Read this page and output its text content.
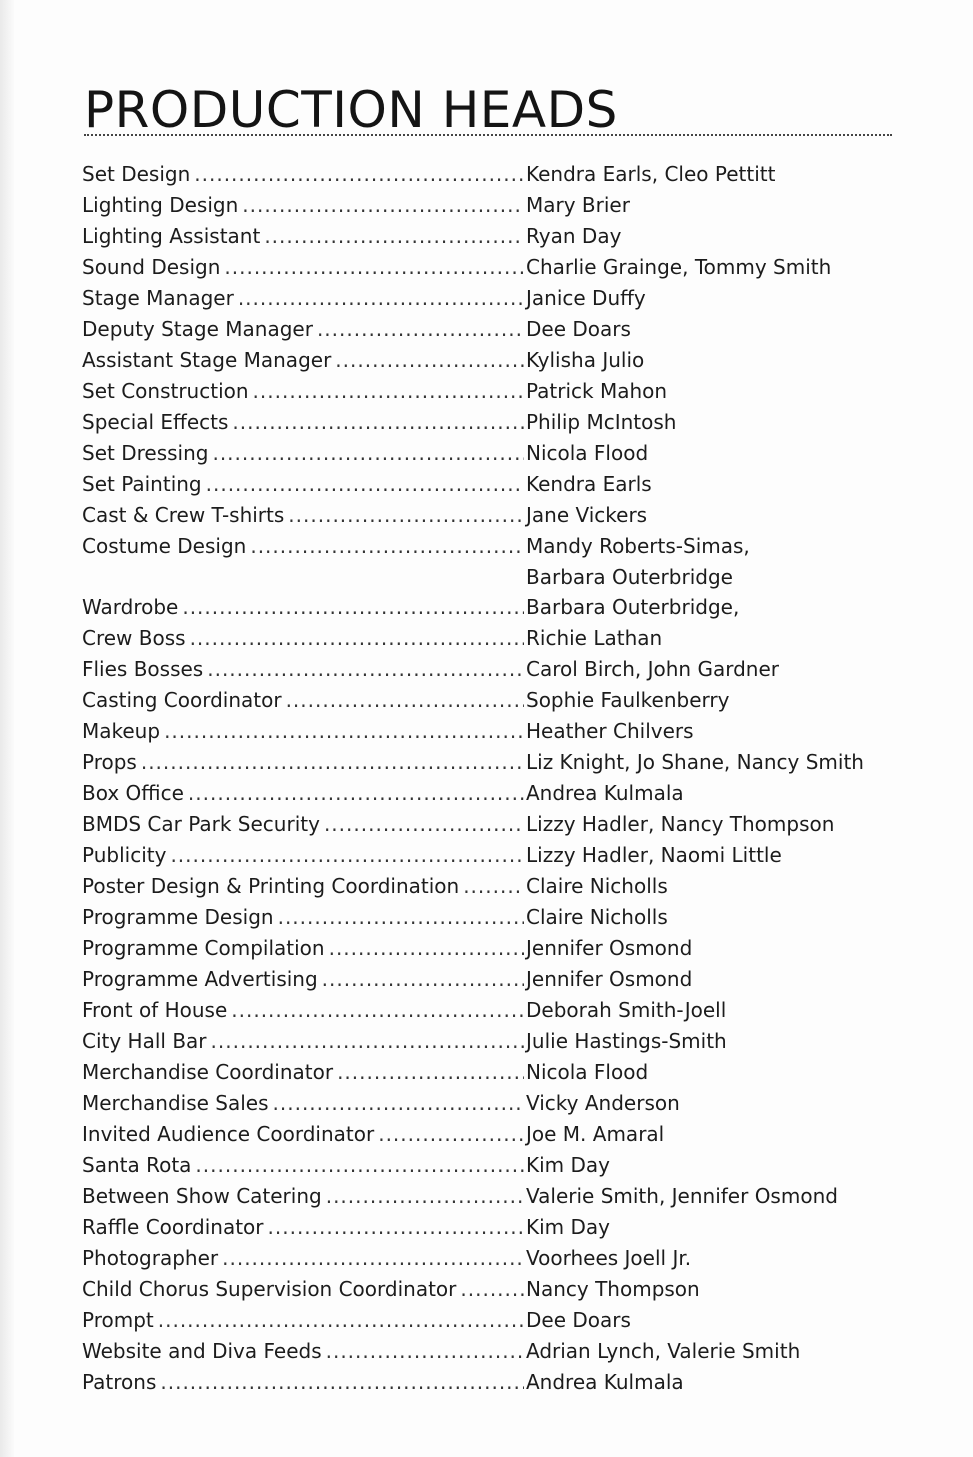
PRODUCTION HEADS
Set Design .....	Kendra Earls, Cleo Pettitt
Lighting Design .....	Mary Brier
Lighting Assistant .....	Ryan Day
Sound Design .....	Charlie Grainge, Tommy Smith
Stage Manager .....	Janice Duffy
Deputy Stage Manager .....	Dee Doars
Assistant Stage Manager .....	Kylisha Julio
Set Construction .....	Patrick Mahon
Special Effects .....	Philip McIntosh
Set Dressing .....	Nicola Flood
Set Painting .....	Kendra Earls
Cast & Crew T-shirts .....	Jane Vickers
Costume Design .....	Mandy Roberts-Simas,
Barbara Outerbridge
Wardrobe .....	Barbara Outerbridge,
Crew Boss .....	Richie Lathan
Flies Bosses .....	Carol Birch, John Gardner
Casting Coordinator .....	Sophie Faulkenberry
Makeup .....	Heather Chilvers
Props .....	Liz Knight, Jo Shane, Nancy Smith
Box Office .....	Andrea Kulmala
BMDS Car Park Security .....	Lizzy Hadler, Nancy Thompson
Publicity .....	Lizzy Hadler, Naomi Little
Poster Design & Printing Coordination .....	Claire Nicholls
Programme Design .....	Claire Nicholls
Programme Compilation .....	Jennifer Osmond
Programme Advertising .....	Jennifer Osmond
Front of House .....	Deborah Smith-Joell
City Hall Bar .....	Julie Hastings-Smith
Merchandise Coordinator .....	Nicola Flood
Merchandise Sales .....	Vicky Anderson
Invited Audience Coordinator .....	Joe M. Amaral
Santa Rota .....	Kim Day
Between Show Catering .....	Valerie Smith, Jennifer Osmond
Raffle Coordinator .....	Kim Day
Photographer .....	Voorhees Joell Jr.
Child Chorus Supervision Coordinator .....	Nancy Thompson
Prompt .....	Dee Doars
Website and Diva Feeds .....	Adrian Lynch, Valerie Smith
Patrons .....	Andrea Kulmala
